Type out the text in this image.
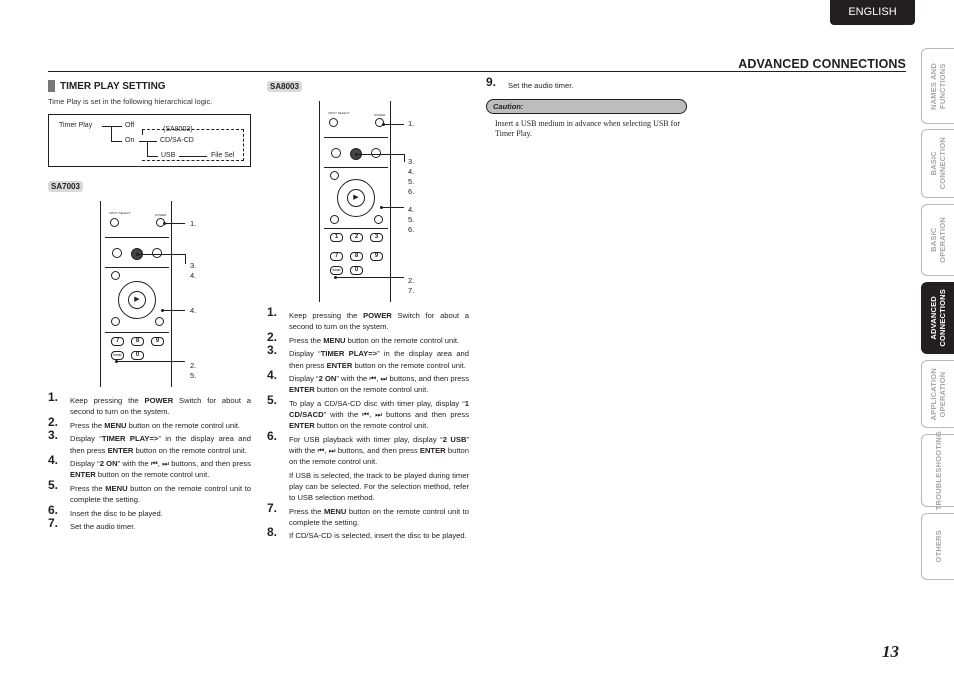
ENGLISH
ADVANCED CONNECTIONS
NAMES AND
FUNCTIONS
BASIC
CONNECTION
BASIC
OPERATION
ADVANCED
CONNECTIONS
APPLICATION
OPERATION
TROUBLESHOOTING
OTHERS
13
TIMER PLAY SETTING
Time Play is set in the following hierarchical logic.
Timer Play	Off
On
(SA8003)
CD/SA-CD
USB	File Sel
SA7003
INPUT SELECT	POWER
▶
7	8	9
SYNC	0
1.
3.
4.
4.
2.
5.
1. Keep pressing the POWER Switch for about a second to turn on the system.
2. Press the MENU button on the remote control unit.
3. Display “TIMER PLAY=>” in the display area and then press ENTER button on the remote control unit.
4. Display “2 ON” with the ⏮, ⏭ buttons, and then press ENTER button on the remote control unit.
5. Press the MENU button on the remote control unit to complete the setting.
6. Insert the disc to be played.
7. Set the audio timer.
SA8003
INPUT SELECT	POWER
▶
1	2	3
7	8	9
SYNC	0
1.
3.
4.
5.
6.
4.
5.
6.
2.
7.
1. Keep pressing the POWER Switch for about a second to turn on the system.
2. Press the MENU button on the remote control unit.
3. Display “TIMER PLAY=>” in the display area and then press ENTER button on the remote control unit.
4. Display “2 ON” with the ⏮, ⏭ buttons, and then press ENTER button on the remote control unit.
5. To play a CD/SA-CD disc with timer play, display “1 CD/SACD” with the ⏮, ⏭ buttons and then press ENTER button on the remote control unit.
6. For USB playback with timer play, display “2 USB” with the ⏮, ⏭ buttons, and then press ENTER button on the remote control unit.
If USB is selected, the track to be played during timer play can be selected. For the selection method, refer to USB selection method.
7. Press the MENU button on the remote control unit to complete the setting.
8. If CD/SA-CD is selected, insert the disc to be played.
9. Set the audio timer.
Caution:
Insert a USB medium in advance when selecting USB for Timer Play.
